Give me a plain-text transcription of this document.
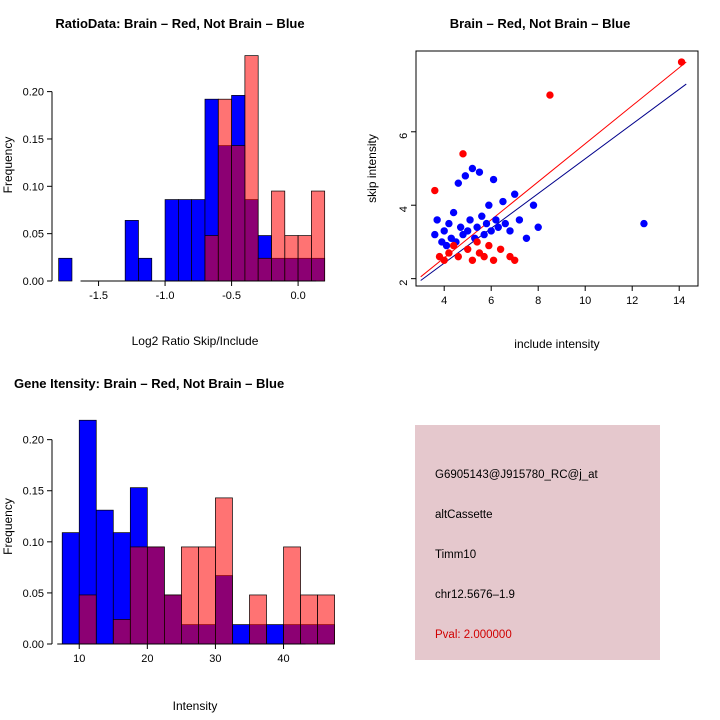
RatioData: Brain – Red, Not Brain – Blue
-1.5	-1.0	-0.5	0.0
0.00
0.05
0.10
0.15
0.20
Log2 Ratio Skip/Include
Frequency
Brain – Red, Not Brain – Blue
4	6	8	10	12	14
2
4
6
include intensity
skip intensity
Gene Itensity: Brain – Red, Not Brain – Blue
10	20	30	40
0.00
0.05
0.10
0.15
0.20
Intensity
Frequency
G6905143@J915780_RC@j_at
altCassette
Timm10
chr12.5676–1.9
Pval: 2.000000
